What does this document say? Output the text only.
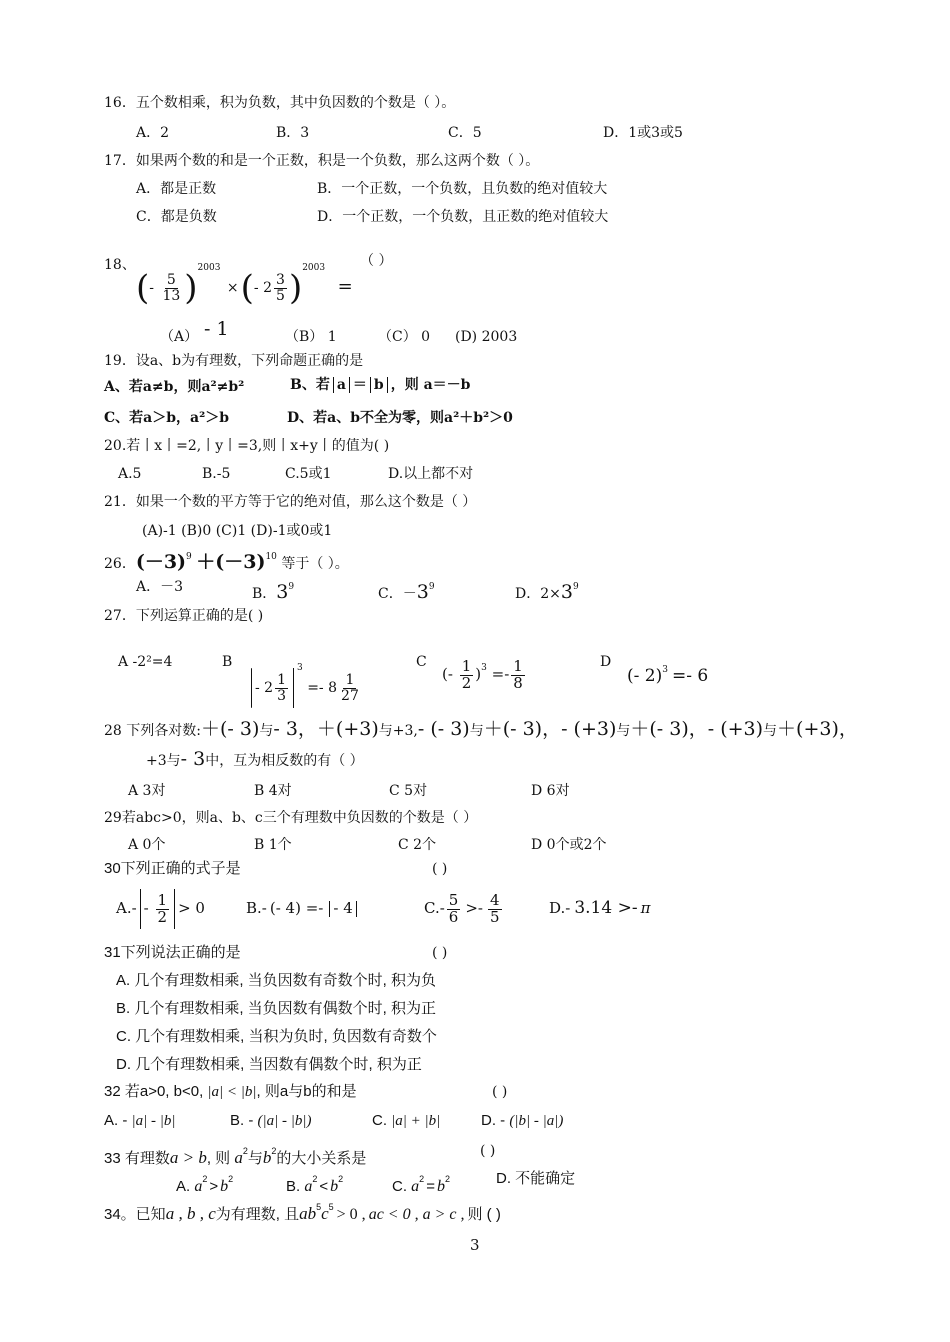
16．五个数相乘，积为负数，其中负因数的个数是（ ）。
A．2	B．3	C．5	D．1或3或5
17．如果两个数的和是一个正数，积是一个负数，那么这两个数（ ）。
A．都是正数	B．一个正数，一个负数，且负数的绝对值较大
C．都是负数	D．一个正数，一个负数，且正数的绝对值较大
18、
(- $\frac{5}{13} )^{2003}$ ×(- $2 \frac{3}{5} )^{2003}$ =
（ ）
（A） - 1	（B） 1	（C） 0 (D) 2003
19．设a、b为有理数，下列命题正确的是
A、若a≠b，则a²≠b²	B、若 a ＝ b ，则 a＝－b
C、若a＞b，a²＞b	D、若a、b不全为零，则a²＋b²＞0
20.若丨x丨=2,丨y丨=3,则丨x+y丨的值为( )
A.5	B.-5	C.5或1	D.以上都不对
21．如果一个数的平方等于它的绝对值，那么这个数是（ ）
(A)-1 (B)0 (C)1 (D)-1或0或1
26．$(-3)^9 +(-3)^{10}$ 等于（ ）。
A．－3	B．$3^9$	C．$-3^9$	D．$2\times 3^9$
27．下列运算正确的是( )
A -2²=4	B
- $2 \frac{1}{3}$
$^3 =- 8 \frac{1}{27}$
C
(- $\frac{1}{2} )^3 =- \frac{1}{8}$	D
(- 2)$^3$ =- 6
28 下列各对数:＋(- 3)与- 3，＋(+3)与+3,- (- 3)与＋(- 3)，- (+3)与＋(- 3)，- (+3)与＋(+3)，
+3与- 3中，互为相反数的有（ ）
A 3对	B 4对	C 5对	D 6对
29若abc>0，则a、b、c三个有理数中负因数的个数是（ ）
A 0个	B 1个	C 2个	D 0个或2个
30下列正确的式子是	( )
$A.- - \frac{1}{2} > 0$	B.- (- 4) =- - 4	$C.- \frac{5}{6} >- \frac{4}{5}$	D.- 3.14 >- π
31下列说法正确的是	( )
A. 几个有理数相乘, 当负因数有奇数个时, 积为负
B. 几个有理数相乘, 当负因数有偶数个时, 积为正
C. 几个有理数相乘, 当积为负时, 负因数有奇数个
D. 几个有理数相乘, 当因数有偶数个时, 积为正
32 若a>0, b<0, |a| < |b|, 则a与b的和是	( )
A. - |a| - |b|	B. - (|a| - |b|)	C. |a| + |b|	D. - (|b| - |a|)
33 有理数a > b, 则 $a^2$与$b^2$的大小关系是	( )
A. $a^2 > b^2$	B. $a^2 < b^2$	C. $a^2 = b^2$	D. 不能确定
34。已知a , b , c为有理数, 且$ab^5c^5 > 0$ , ac < 0 , a > c , 则 ( )
3
